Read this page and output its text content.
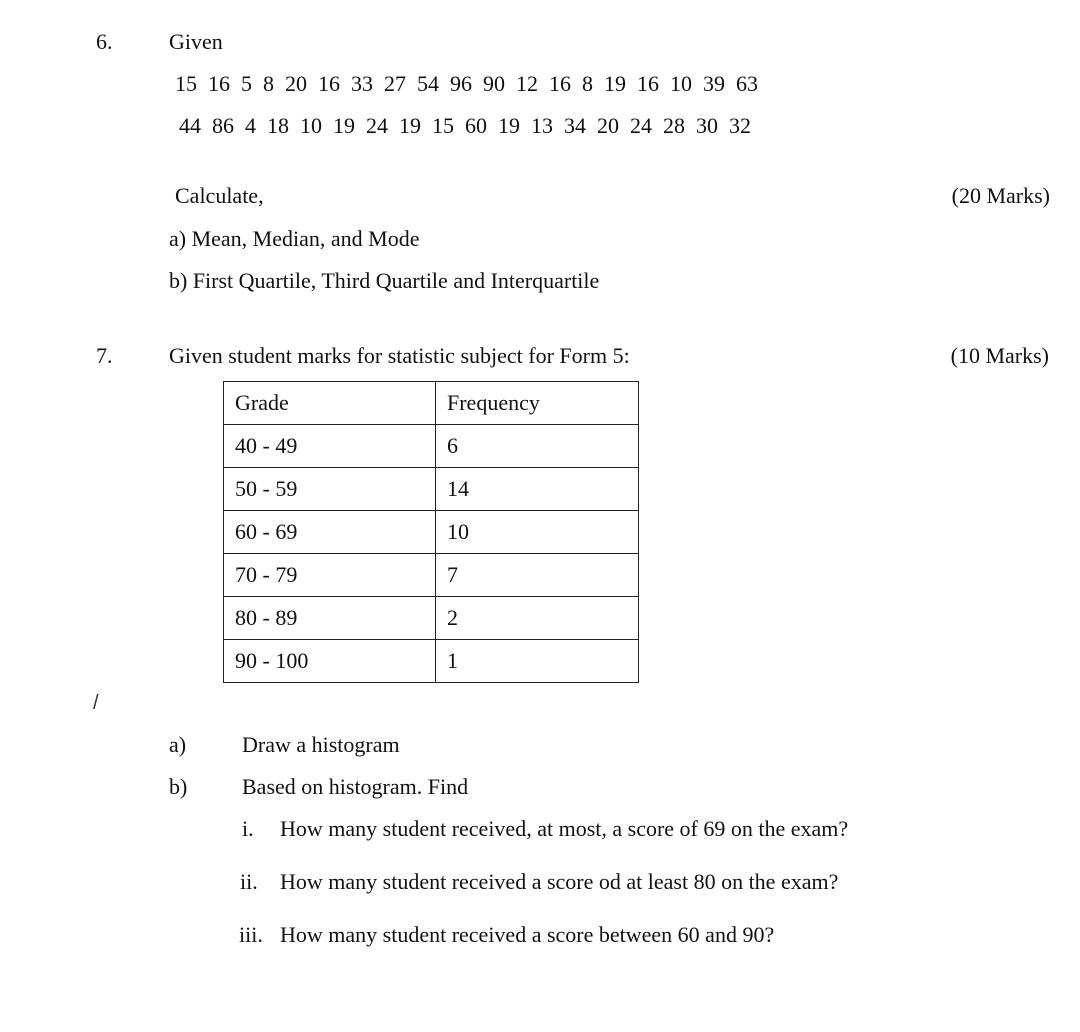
6.	Given
15 16 5 8 20 16 33 27 54 96 90 12 16 8 19 16 10 39 63
44 86 4 18 10 19 24 19 15 60 19 13 34 20 24 28 30 32
Calculate,	(20 Marks)
a) Mean, Median, and Mode
b) First Quartile, Third Quartile and Interquartile
7.	Given student marks for statistic subject for Form 5:	(10 Marks)
Grade	Frequency
40 - 49	6
50 - 59	14
60 - 69	10
70 - 79	7
80 - 89	2
90 - 100	1
/
a)	Draw a histogram
b) Based on histogram. Find
i. How many student received, at most, a score of 69 on the exam?
ii. How many student received a score od at least 80 on the exam?
iii. How many student received a score between 60 and 90?
